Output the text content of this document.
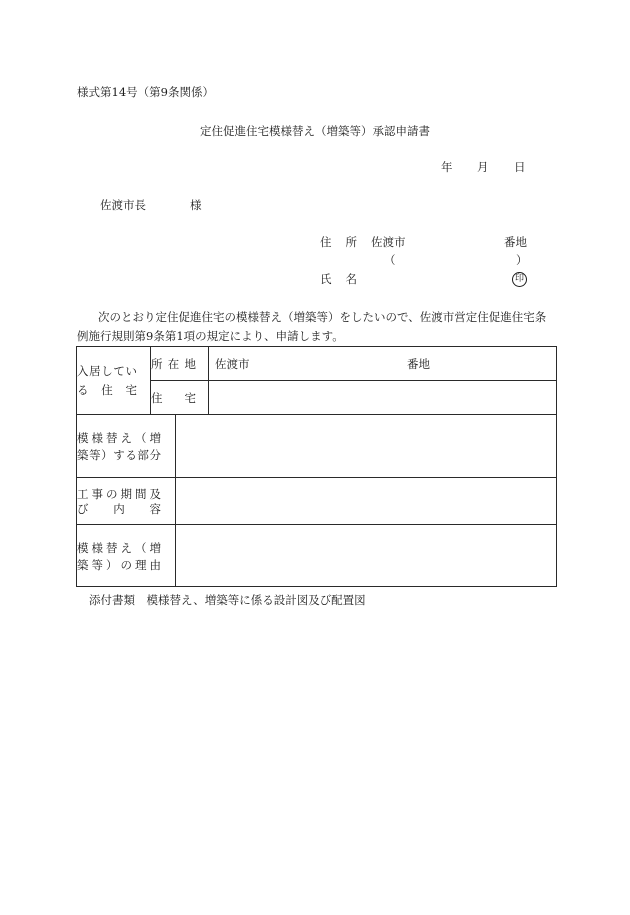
様式第14号（第9条関係）
定住促進住宅模様替え（増築等）承認申請書
年 月 日
佐渡市長	様
住所 佐渡市	番地
（	）
氏名	印
次のとおり定住促進住宅の模様替え（増築等）をしたいので、佐渡市営定住促進住宅条
例施行規則第9条第1項の規定により、申請します。
入居してい
る住宅	所在地		佐渡市 番地

	住宅		

模様替え（増
築等）する部分			

工事の期間及
び内容			

模様替え（増
築等）の理由			

添付書類　模様替え、増築等に係る設計図及び配置図
